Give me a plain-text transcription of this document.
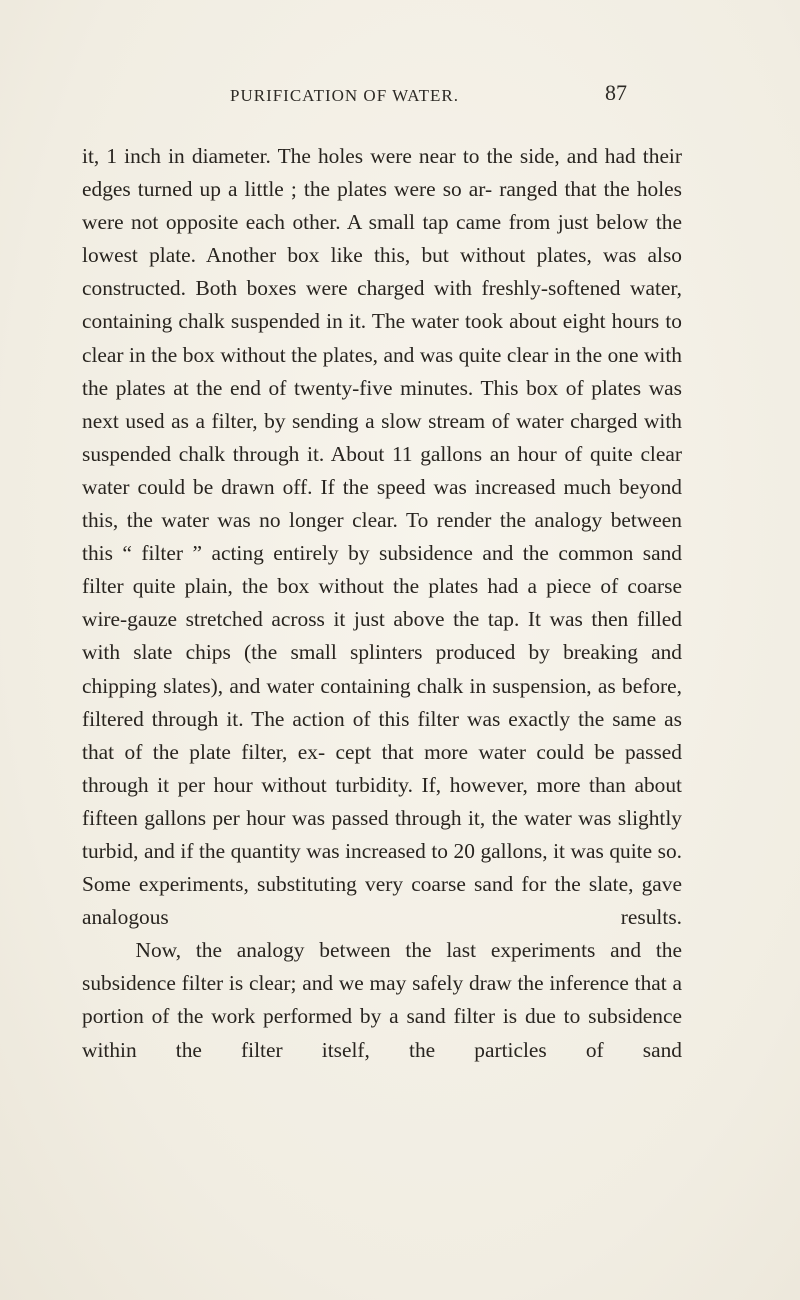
PURIFICATION OF WATER.	87

it, 1 inch in diameter. The holes were near to the side, and had their edges turned up a little ; the plates were so ar- ranged that the holes were not opposite each other. A small tap came from just below the lowest plate. Another box like this, but without plates, was also constructed. Both boxes were charged with freshly-softened water, containing chalk suspended in it. The water took about eight hours to clear in the box without the plates, and was quite clear in the one with the plates at the end of twenty-five minutes. This box of plates was next used as a filter, by sending a slow stream of water charged with suspended chalk through it. About 11 gallons an hour of quite clear water could be drawn off. If the speed was increased much beyond this, the water was no longer clear. To render the analogy between this “ filter ” acting entirely by subsidence and the common sand filter quite plain, the box without the plates had a piece of coarse wire-gauze stretched across it just above the tap. It was then filled with slate chips (the small splinters produced by breaking and chipping slates), and water containing chalk in suspension, as before, filtered through it. The action of this filter was exactly the same as that of the plate filter, ex- cept that more water could be passed through it per hour without turbidity. If, however, more than about fifteen gallons per hour was passed through it, the water was slightly turbid, and if the quantity was increased to 20 gallons, it was quite so. Some experiments, substituting very coarse sand for the slate, gave analogous results.

Now, the analogy between the last experiments and the subsidence filter is clear; and we may safely draw the inference that a portion of the work performed by a sand filter is due to subsidence within the filter itself, the particles of sand
